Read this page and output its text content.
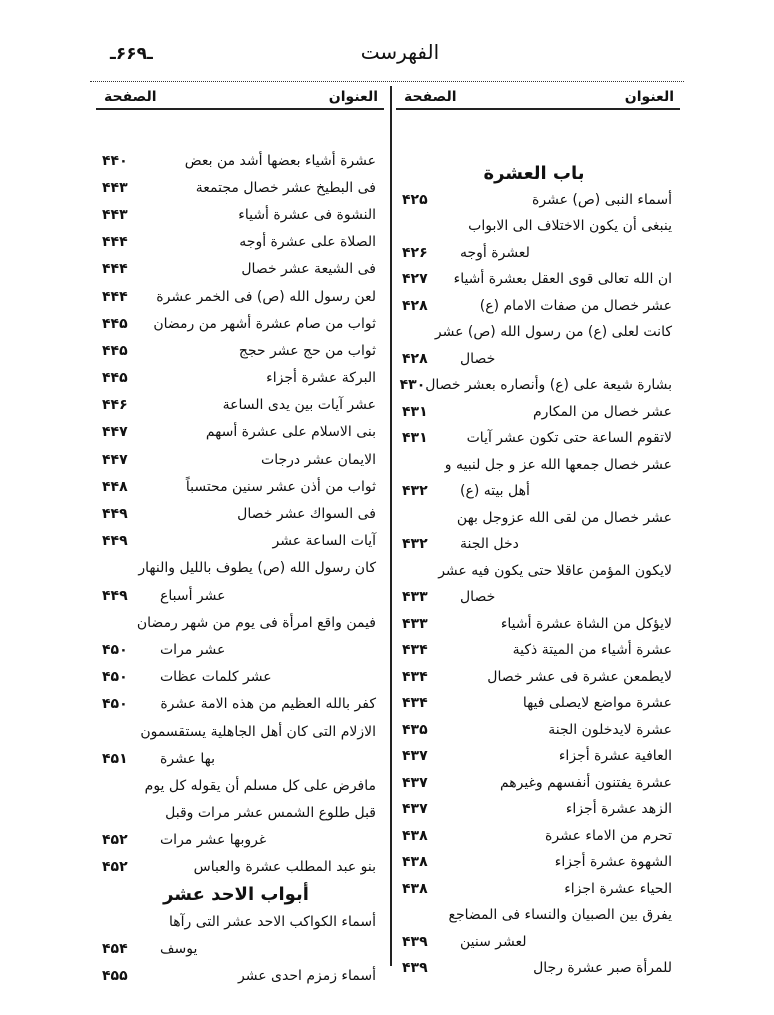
الفهرست
ـ۶۶۹ـ
العنوان
الصفحة
باب العشرة
أسماء النبى (ص) عشرة
۴۲۵
ينبغى أن يكون الاختلاف الى الابواب
لعشرة أوجه
۴۲۶
ان الله تعالى قوى العقل بعشرة أشياء
۴۲۷
عشر خصال من صفات الامام (ع)
۴۲۸
كانت لعلى (ع) من رسول الله (ص) عشر
خصال
۴۲۸
بشارة شيعة على (ع) وأنصاره بعشر خصال
۴۳۰
عشر خصال من المكارم
۴۳۱
لاتقوم الساعة حتى تكون عشر آيات
۴۳۱
عشر خصال جمعها الله عز و جل لنبيه و
أهل بيته (ع)
۴۳۲
عشر خصال من لقى الله عزوجل بهن
دخل الجنة
۴۳۲
لايكون المؤمن عاقلا حتى يكون فيه عشر
خصال
۴۳۳
لايؤكل من الشاة عشرة أشياء
۴۳۳
عشرة أشياء من الميتة ذكية
۴۳۴
لايطمعن عشرة فى عشر خصال
۴۳۴
عشرة مواضع لايصلى فيها
۴۳۴
عشرة لايدخلون الجنة
۴۳۵
العافية عشرة أجزاء
۴۳۷
عشرة يفتنون أنفسهم وغيرهم
۴۳۷
الزهد عشرة أجزاء
۴۳۷
تحرم من الاماء عشرة
۴۳۸
الشهوة عشرة أجزاء
۴۳۸
الحياء عشرة اجزاء
۴۳۸
يفرق بين الصبيان والنساء فى المضاجع
لعشر سنين
۴۳۹
للمرأة صبر عشرة رجال
۴۳۹
العنوان
الصفحة
عشرة أشياء بعضها أشد من بعض
۴۴۰
فى البطيخ عشر خصال مجتمعة
۴۴۳
النشوة فى عشرة أشياء
۴۴۳
الصلاة على عشرة أوجه
۴۴۴
فى الشيعة عشر خصال
۴۴۴
لعن رسول الله (ص) فى الخمر عشرة
۴۴۴
ثواب من صام عشرة أشهر من رمضان
۴۴۵
ثواب من حج عشر حجج
۴۴۵
البركة عشرة أجزاء
۴۴۵
عشر آيات بين يدى الساعة
۴۴۶
بنى الاسلام على عشرة أسهم
۴۴۷
الايمان عشر درجات
۴۴۷
ثواب من أذن عشر سنين محتسباً
۴۴۸
فى السواك عشر خصال
۴۴۹
آيات الساعة عشر
۴۴۹
كان رسول الله (ص) يطوف بالليل والنهار
عشر أسباع
۴۴۹
فيمن واقع امرأة فى يوم من شهر رمضان
عشر مرات
۴۵۰
عشر كلمات عظات
۴۵۰
كفر بالله العظيم من هذه الامة عشرة
۴۵۰
الازلام التى كان أهل الجاهلية يستقسمون
بها عشرة
۴۵۱
مافرض على كل مسلم أن يقوله كل يوم
قبل طلوع الشمس عشر مرات وقبل
غروبها عشر مرات
۴۵۲
بنو عبد المطلب عشرة والعباس
۴۵۲
أبواب الاحد عشر
أسماء الكواكب الاحد عشر التى رآها
يوسف
۴۵۴
أسماء زمزم احدى عشر
۴۵۵
